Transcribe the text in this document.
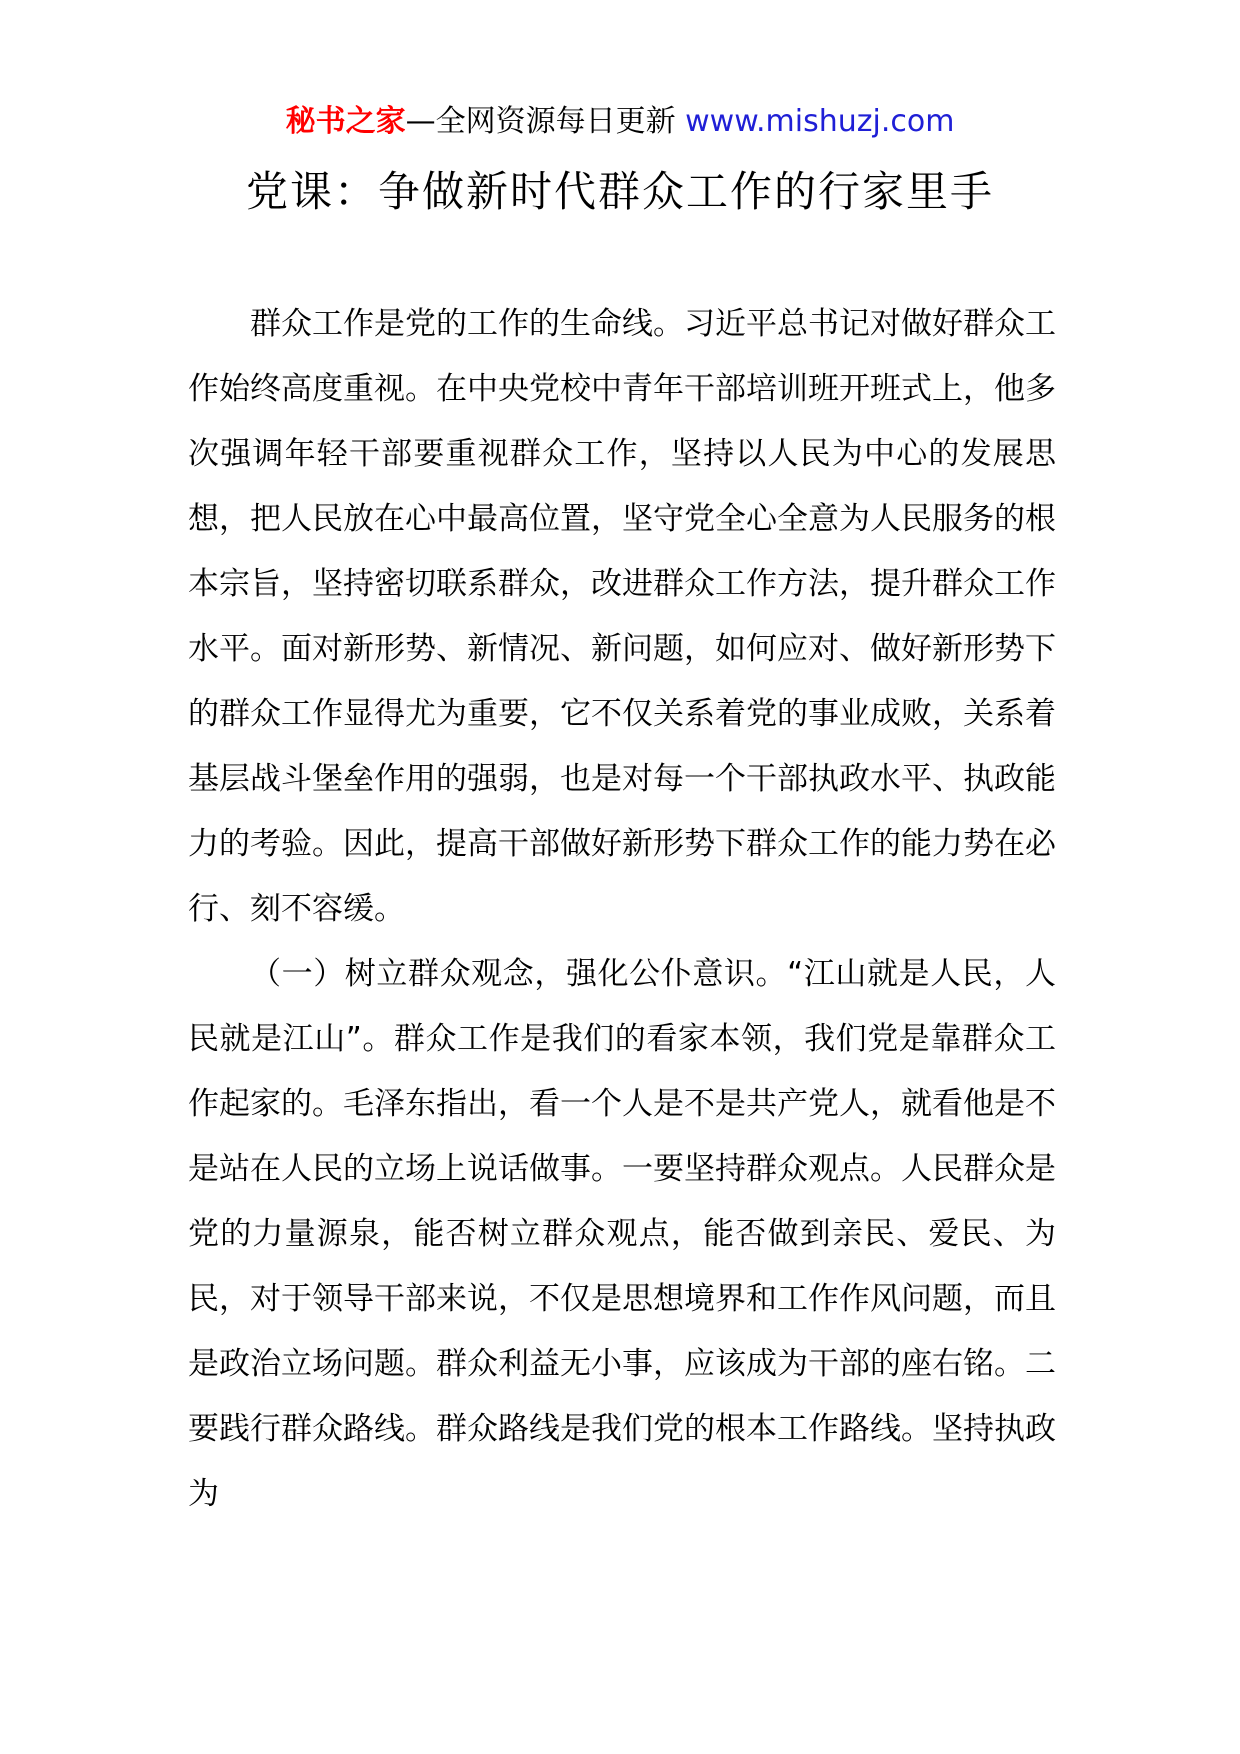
秘书之家—全网资源每日更新 www.mishuzj.com
党课：争做新时代群众工作的行家里手

群众工作是党的工作的生命线。习近平总书记对做好群众工作始终高度重视。在中央党校中青年干部培训班开班式上，他多次强调年轻干部要重视群众工作，坚持以人民为中心的发展思想，把人民放在心中最高位置，坚守党全心全意为人民服务的根本宗旨，坚持密切联系群众，改进群众工作方法，提升群众工作水平。面对新形势、新情况、新问题，如何应对、做好新形势下的群众工作显得尤为重要，它不仅关系着党的事业成败，关系着基层战斗堡垒作用的强弱，也是对每一个干部执政水平、执政能力的考验。因此，提高干部做好新形势下群众工作的能力势在必行、刻不容缓。

（一）树立群众观念，强化公仆意识。“江山就是人民，人民就是江山”。群众工作是我们的看家本领，我们党是靠群众工作起家的。毛泽东指出，看一个人是不是共产党人，就看他是不是站在人民的立场上说话做事。一要坚持群众观点。人民群众是党的力量源泉，能否树立群众观点，能否做到亲民、爱民、为民，对于领导干部来说，不仅是思想境界和工作作风问题，而且是政治立场问题。群众利益无小事，应该成为干部的座右铭。二要践行群众路线。群众路线是我们党的根本工作路线。坚持执政为
